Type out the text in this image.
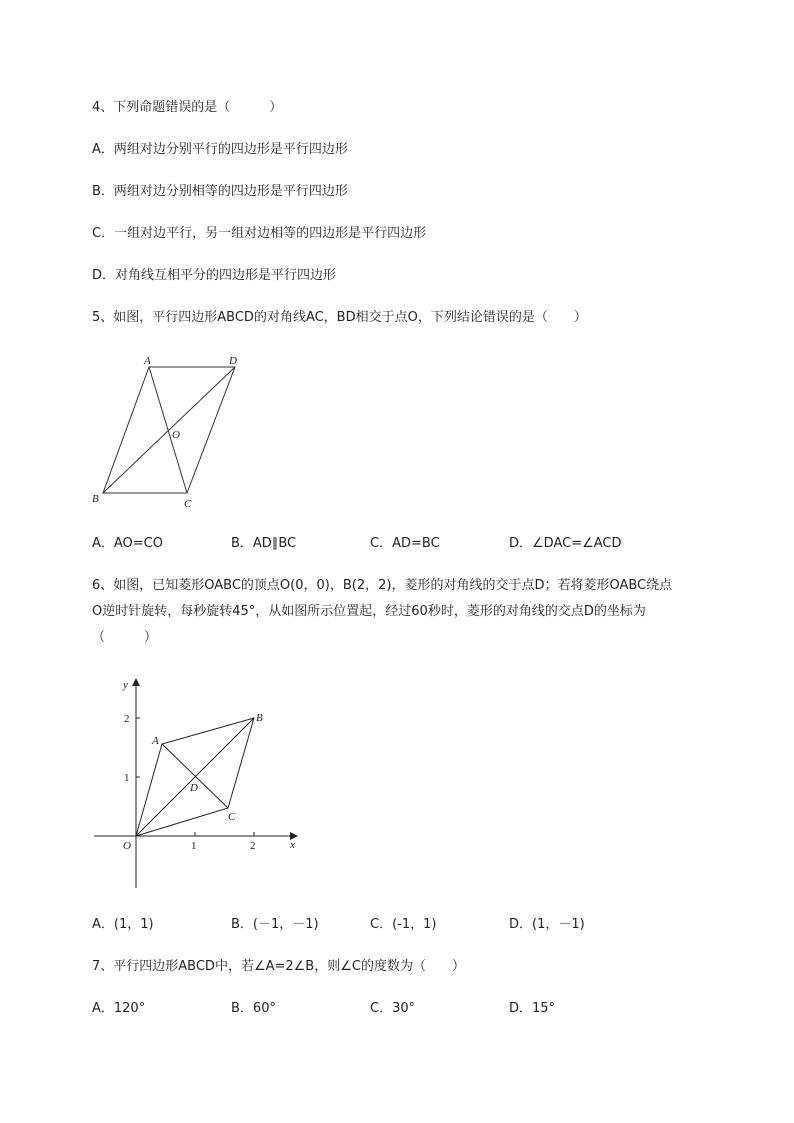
4、下列命题错误的是（　　　）
A．两组对边分别平行的四边形是平行四边形
B．两组对边分别相等的四边形是平行四边形
C．一组对边平行，另一组对边相等的四边形是平行四边形
D．对角线互相平分的四边形是平行四边形
5、如图，平行四边形ABCD的对角线AC，BD相交于点O，下列结论错误的是（　　）
A	D
O
B	C
A．AO=CO	B．AD∥BC	C．AD=BC	D．∠DAC=∠ACD
6、如图，已知菱形OABC的顶点O(0，0)，B(2，2)，菱形的对角线的交于点D；若将菱形OABC绕点
O逆时针旋转，每秒旋转45°，从如图所示位置起，经过60秒时，菱形的对角线的交点D的坐标为
（　　　）
y
x
O	1	2
1
2
A
B
C
D
A．(1，1)	B．(－1，－1)	C．(-1，1)	D．(1，－1)
7、平行四边形ABCD中，若∠A=2∠B，则∠C的度数为（　　）
A．120°	B．60°	C．30°	D．15°
